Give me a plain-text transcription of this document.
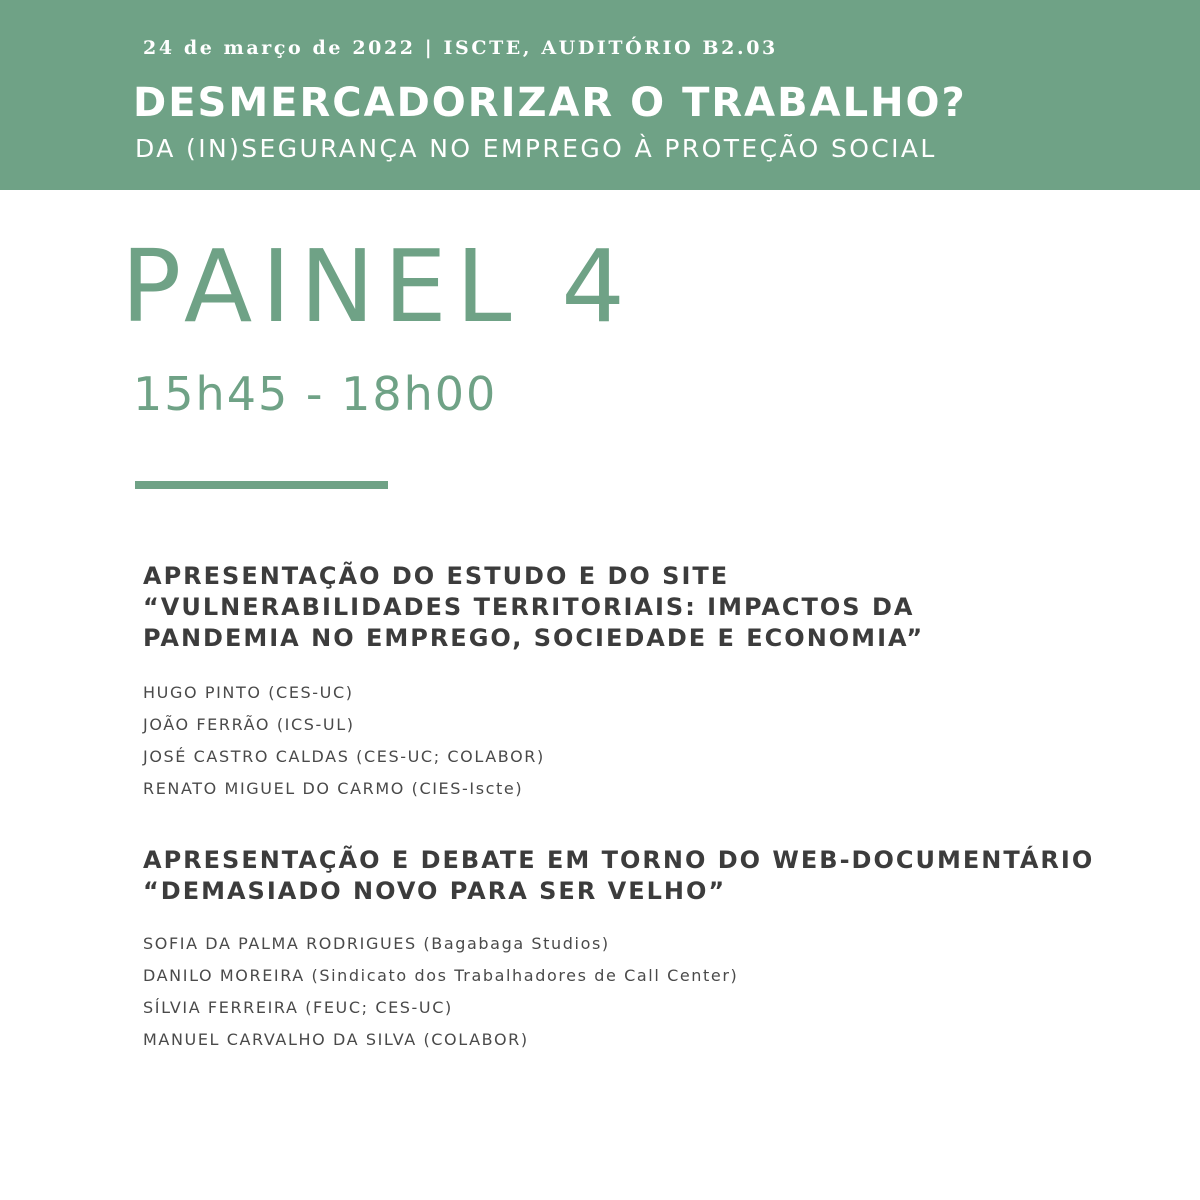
24 de março de 2022 | ISCTE, AUDITÓRIO B2.03
DESMERCADORIZAR O TRABALHO?
DA (IN)SEGURANÇA NO EMPREGO À PROTEÇÃO SOCIAL
PAINEL 4
15h45 - 18h00
APRESENTAÇÃO DO ESTUDO E DO SITE
“VULNERABILIDADES TERRITORIAIS: IMPACTOS DA
PANDEMIA NO EMPREGO, SOCIEDADE E ECONOMIA”
HUGO PINTO (CES-UC)
JOÃO FERRÃO (ICS-UL)
JOSÉ CASTRO CALDAS (CES-UC; COLABOR)
RENATO MIGUEL DO CARMO (CIES-Iscte)
APRESENTAÇÃO E DEBATE EM TORNO DO WEB-DOCUMENTÁRIO
“DEMASIADO NOVO PARA SER VELHO”
SOFIA DA PALMA RODRIGUES (Bagabaga Studios)
DANILO MOREIRA (Sindicato dos Trabalhadores de Call Center)
SÍLVIA FERREIRA (FEUC; CES-UC)
MANUEL CARVALHO DA SILVA (COLABOR)
